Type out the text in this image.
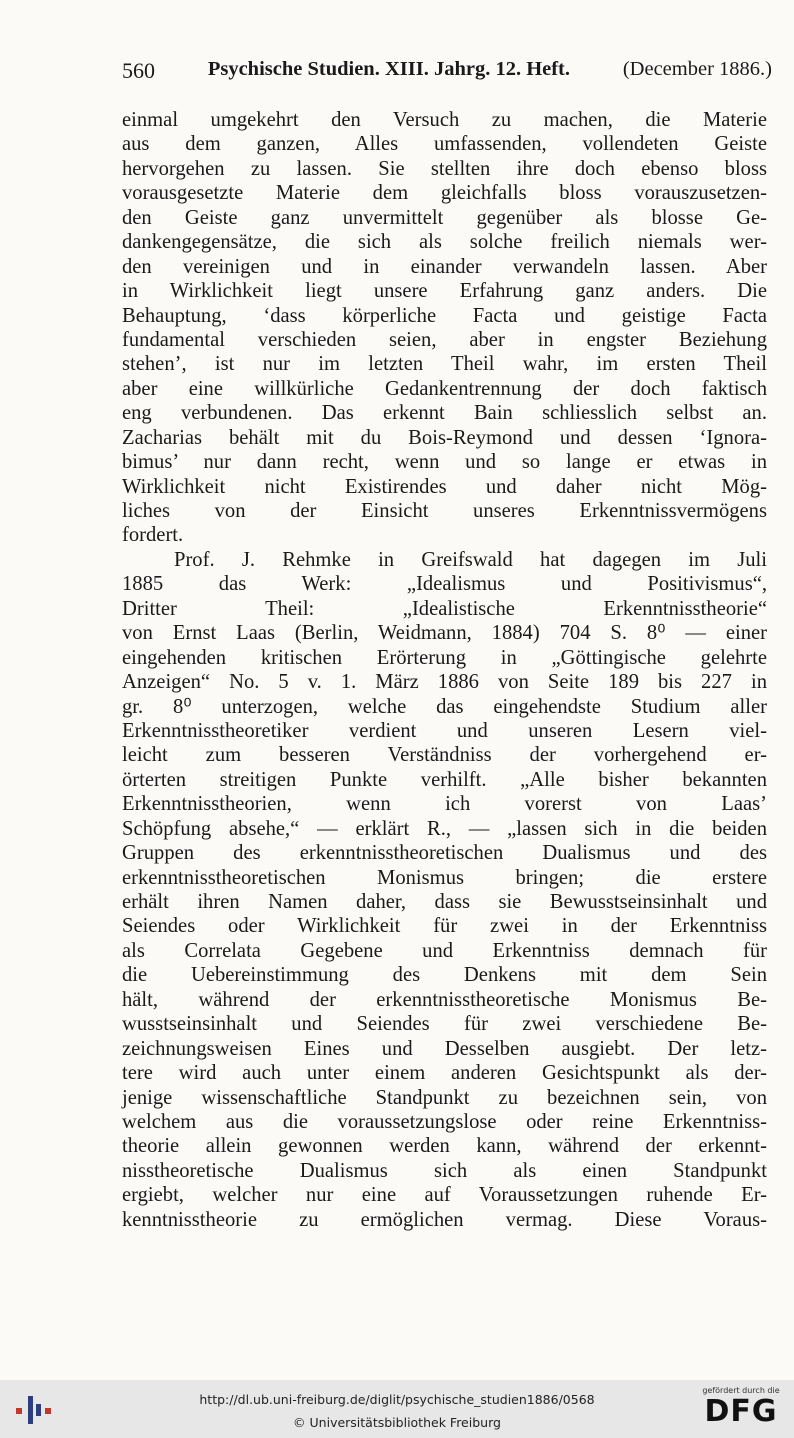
560	Psychische Studien. XIII. Jahrg. 12. Heft.	(December 1886.)
einmal umgekehrt den Versuch zu machen, die Materie
aus dem ganzen, Alles umfassenden, vollendeten Geiste
hervorgehen zu lassen. Sie stellten ihre doch ebenso bloss
vorausgesetzte Materie dem gleichfalls bloss vorauszusetzen-
den Geiste ganz unvermittelt gegenüber als blosse Ge-
dankengegensätze, die sich als solche freilich niemals wer-
den vereinigen und in einander verwandeln lassen. Aber
in Wirklichkeit liegt unsere Erfahrung ganz anders. Die
Behauptung, ‘dass körperliche Facta und geistige Facta
fundamental verschieden seien, aber in engster Beziehung
stehen’, ist nur im letzten Theil wahr, im ersten Theil
aber eine willkürliche Gedankentrennung der doch faktisch
eng verbundenen. Das erkennt Bain schliesslich selbst an.
Zacharias behält mit du Bois-Reymond und dessen ‘Ignora-
bimus’ nur dann recht, wenn und so lange er etwas in
Wirklichkeit nicht Existirendes und daher nicht Mög-
liches von der Einsicht unseres Erkenntnissvermögens
fordert.
Prof. J. Rehmke in Greifswald hat dagegen im Juli
1885 das Werk: „Idealismus und Positivismus“,
Dritter Theil: „Idealistische Erkenntnisstheorie“
von Ernst Laas (Berlin, Weidmann, 1884) 704 S. 8⁰ — einer
eingehenden kritischen Erörterung in „Göttingische gelehrte
Anzeigen“ No. 5 v. 1. März 1886 von Seite 189 bis 227 in
gr. 8⁰ unterzogen, welche das eingehendste Studium aller
Erkenntnisstheoretiker verdient und unseren Lesern viel-
leicht zum besseren Verständniss der vorhergehend er-
örterten streitigen Punkte verhilft. „Alle bisher bekannten
Erkenntnisstheorien, wenn ich vorerst von Laas’
Schöpfung absehe,“ — erklärt R., — „lassen sich in die beiden
Gruppen des erkenntnisstheoretischen Dualismus und des
erkenntnisstheoretischen Monismus bringen; die erstere
erhält ihren Namen daher, dass sie Bewusstseinsinhalt und
Seiendes oder Wirklichkeit für zwei in der Erkenntniss
als Correlata Gegebene und Erkenntniss demnach für
die Uebereinstimmung des Denkens mit dem Sein
hält, während der erkenntnisstheoretische Monismus Be-
wusstseinsinhalt und Seiendes für zwei verschiedene Be-
zeichnungsweisen Eines und Desselben ausgiebt. Der letz-
tere wird auch unter einem anderen Gesichtspunkt als der-
jenige wissenschaftliche Standpunkt zu bezeichnen sein, von
welchem aus die voraussetzungslose oder reine Erkenntniss-
theorie allein gewonnen werden kann, während der erkennt-
nisstheoretische Dualismus sich als einen Standpunkt
ergiebt, welcher nur eine auf Voraussetzungen ruhende Er-
kenntnisstheorie zu ermöglichen vermag. Diese Voraus-
http://dl.ub.uni-freiburg.de/diglit/psychische_studien1886/0568
© Universitätsbibliothek Freiburg
gefördert durch die
DFG
